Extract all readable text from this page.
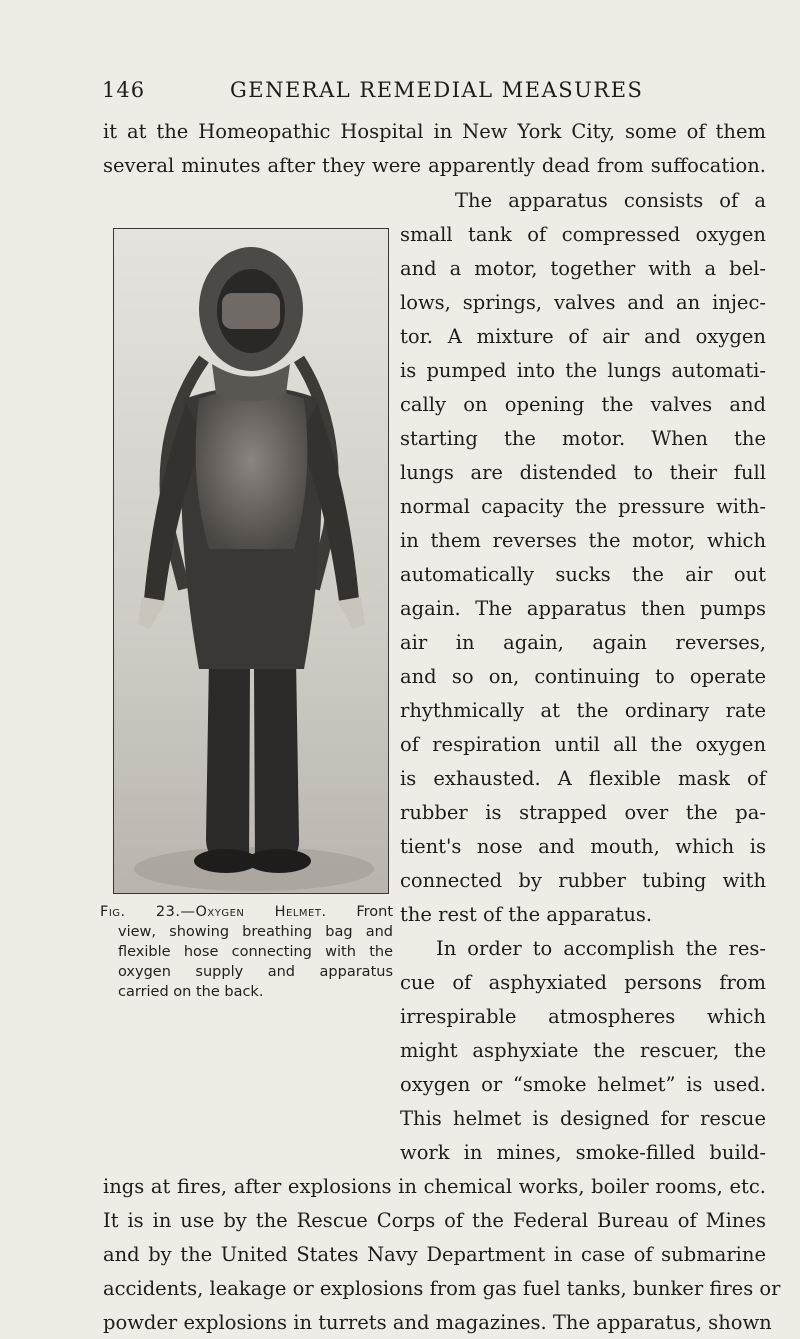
146	GENERAL REMEDIAL MEASURES
it at the Homeopathic Hospital in New York City, some of them
several minutes after they were apparently dead from suffocation.
The apparatus consists of a
small tank of compressed oxygen
and a motor, together with a bel-
lows, springs, valves and an injec-
tor. A mixture of air and oxygen
is pumped into the lungs automati-
cally on opening the valves and
starting the motor. When the
lungs are distended to their full
normal capacity the pressure with-
in them reverses the motor, which
automatically sucks the air out
again. The apparatus then pumps
air in again, again reverses,
and so on, continuing to operate
rhythmically at the ordinary rate
of respiration until all the oxygen
is exhausted. A flexible mask of
rubber is strapped over the pa-
tient's nose and mouth, which is
connected by rubber tubing with
the rest of the apparatus.
In order to accomplish the res-
cue of asphyxiated persons from
irrespirable atmospheres which
might asphyxiate the rescuer, the
oxygen or “smoke helmet” is used.
This helmet is designed for rescue
work in mines, smoke-filled build-
ings at fires, after explosions in chemical works, boiler rooms, etc.
It is in use by the Rescue Corps of the Federal Bureau of Mines
and by the United States Navy Department in case of submarine
accidents, leakage or explosions from gas fuel tanks, bunker fires or
powder explosions in turrets and magazines. The apparatus, shown
Fig. 23.—Oxygen Helmet. Front
view, showing breathing bag and
flexible hose connecting with the
oxygen supply and apparatus
carried on the back.
